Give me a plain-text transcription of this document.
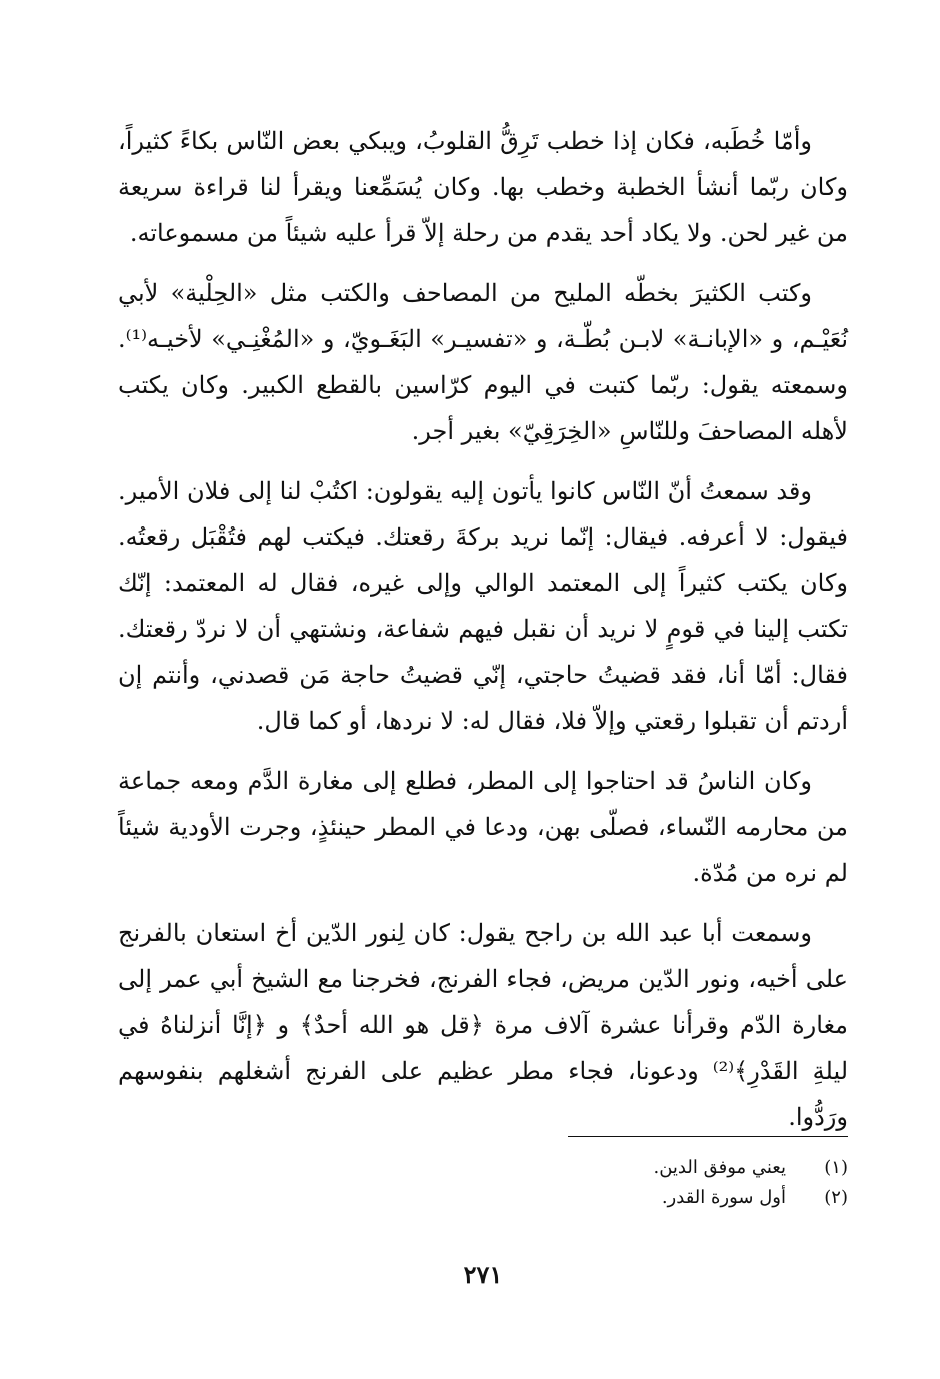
وأمّا خُطَبه، فكان إذا خطب تَرِقُّ القلوبُ، ويبكي بعض النّاس بكاءً كثيراً، وكان ربّما أنشأ الخطبة وخطب بها. وكان يُسَمِّعنا ويقرأ لنا قراءة سريعة من غير لحن. ولا يكاد أحد يقدم من رحلة إلاّ قرأ عليه شيئاً من مسموعاته.

وكتب الكثيرَ بخطّه المليح من المصاحف والكتب مثل «الحِلْية» لأبي نُعَيْـم، و «الإبانـة» لابـن بُطّـة، و «تفسيـر» البَغَـويّ، و «المُغْنِـي» لأخيـه⁽¹⁾. وسمعته يقول: ربّما كتبت في اليوم كرّاسين بالقطع الكبير. وكان يكتب لأهله المصاحفَ وللنّاسِ «الخِرَقِيّ» بغير أجر.

وقد سمعتُ أنّ النّاس كانوا يأتون إليه يقولون: اكتُبْ لنا إلى فلان الأمير. فيقول: لا أعرفه. فيقال: إنّما نريد بركةَ رقعتك. فيكتب لهم فتُقْبَل رقعتُه. وكان يكتب كثيراً إلى المعتمد الوالي وإلى غيره، فقال له المعتمد: إنّك تكتب إلينا في قومٍ لا نريد أن نقبل فيهم شفاعة، ونشتهي أن لا نردّ رقعتك. فقال: أمّا أنا، فقد قضيتُ حاجتي، إنّي قضيتُ حاجة مَن قصدني، وأنتم إن أردتم أن تقبلوا رقعتي وإلاّ فلا، فقال له: لا نردها، أو كما قال.

وكان الناسُ قد احتاجوا إلى المطر، فطلع إلى مغارة الدَّم ومعه جماعة من محارمه النّساء، فصلّى بهن، ودعا في المطر حينئذٍ، وجرت الأودية شيئاً لم نره من مُدّة.

وسمعت أبا عبد الله بن راجح يقول: كان لِنور الدّين أخ استعان بالفرنج على أخيه، ونور الدّين مريض، فجاء الفرنج، فخرجنا مع الشيخ أبي عمر إلى مغارة الدّم وقرأنا عشرة آلاف مرة ﴿قل هو الله أحدٌ﴾ و ﴿إنَّا أنزلناهُ في ليلةِ القَدْرِ﴾⁽²⁾ ودعونا، فجاء مطر عظيم على الفرنج أشغلهم بنفوسهم ورَدُّوا.

(١)
يعني موفق الدين.
(٢)
أول سورة القدر.
٢٧١
